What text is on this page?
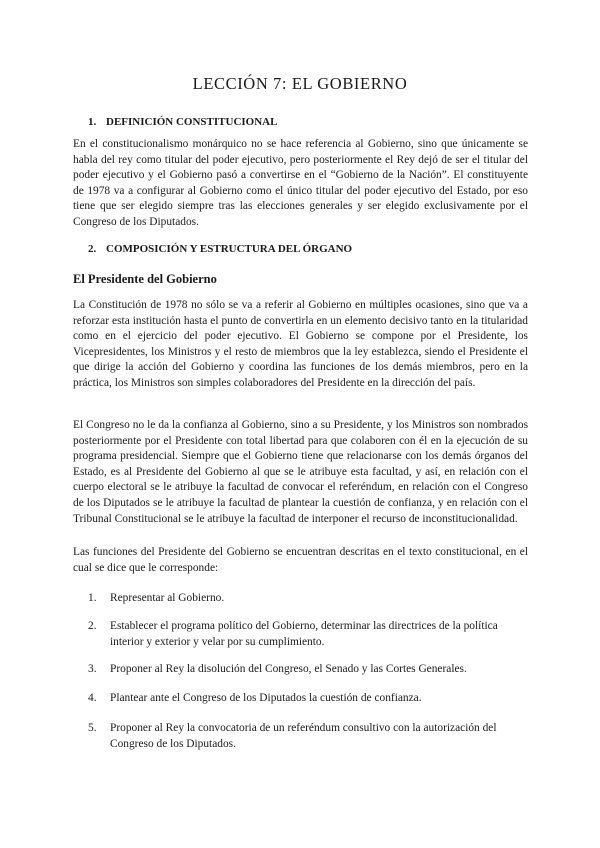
LECCIÓN 7: EL GOBIERNO
1. DEFINICIÓN CONSTITUCIONAL

En el constitucionalismo monárquico no se hace referencia al Gobierno, sino que únicamente se habla del rey como titular del poder ejecutivo, pero posteriormente el Rey dejó de ser el titular del poder ejecutivo y el Gobierno pasó a convertirse en el “Gobierno de la Nación”. El constituyente de 1978 va a configurar al Gobierno como el único titular del poder ejecutivo del Estado, por eso tiene que ser elegido siempre tras las elecciones generales y ser elegido exclusivamente por el Congreso de los Diputados.

2. COMPOSICIÓN Y ESTRUCTURA DEL ÓRGANO
El Presidente del Gobierno

La Constitución de 1978 no sólo se va a referir al Gobierno en múltiples ocasiones, sino que va a reforzar esta institución hasta el punto de convertirla en un elemento decisivo tanto en la titularidad como en el ejercicio del poder ejecutivo. El Gobierno se compone por el Presidente, los Vicepresidentes, los Ministros y el resto de miembros que la ley establezca, siendo el Presidente el que dirige la acción del Gobierno y coordina las funciones de los demás miembros, pero en la práctica, los Ministros son simples colaboradores del Presidente en la dirección del país.

El Congreso no le da la confianza al Gobierno, sino a su Presidente, y los Ministros son nombrados posteriormente por el Presidente con total libertad para que colaboren con él en la ejecución de su programa presidencial. Siempre que el Gobierno tiene que relacionarse con los demás órganos del Estado, es al Presidente del Gobierno al que se le atribuye esta facultad, y así, en relación con el cuerpo electoral se le atribuye la facultad de convocar el referéndum, en relación con el Congreso de los Diputados se le atribuye la facultad de plantear la cuestión de confianza, y en relación con el Tribunal Constitucional se le atribuye la facultad de interponer el recurso de inconstitucionalidad.

Las funciones del Presidente del Gobierno se encuentran descritas en el texto constitucional, en el cual se dice que le corresponde:

1. Representar al Gobierno.
2. Establecer el programa político del Gobierno, determinar las directrices de la política interior y exterior y velar por su cumplimiento.
3. Proponer al Rey la disolución del Congreso, el Senado y las Cortes Generales.
4. Plantear ante el Congreso de los Diputados la cuestión de confianza.
5. Proponer al Rey la convocatoria de un referéndum consultivo con la autorización del Congreso de los Diputados.
